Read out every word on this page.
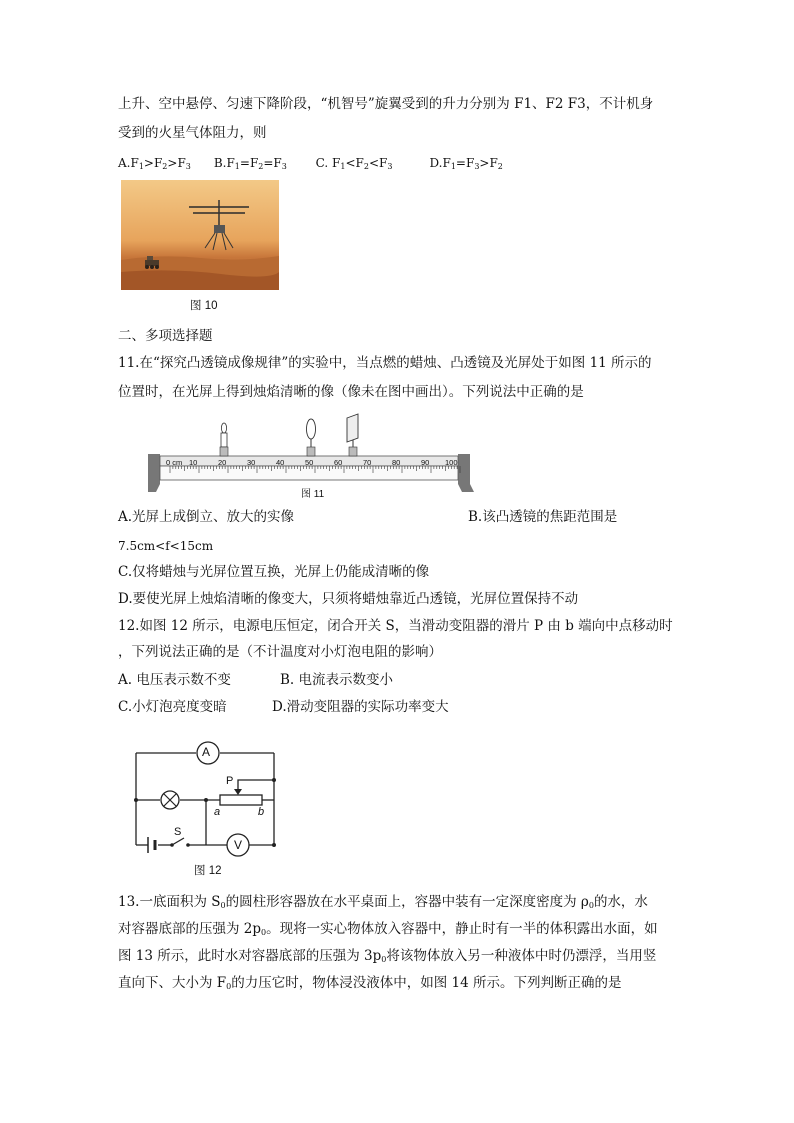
上升、空中悬停、匀速下降阶段，“机智号”旋翼受到的升力分别为 F1、F2 F3，不计机身
受到的火星气体阻力，则
$A.F_1>F_2>F_3$ $B.F_1=F_2=F_3$ C. $F_1<F_2<F_3$	$D.F_1=F_3>F_2$
图 10
二、多项选择题
11.在“探究凸透镜成像规律”的实验中，当点燃的蜡烛、凸透镜及光屏处于如图 11 所示的
位置时，在光屏上得到烛焰清晰的像（像未在图中画出）。下列说法中正确的是
0 cm 10	20	30	40	50	60	70	80	90 100
图 11
A.光屏上成倒立、放大的实像	B.该凸透镜的焦距范围是
7.5cm<f<15cm
C.仅将蜡烛与光屏位置互换，光屏上仍能成清晰的像
D.要使光屏上烛焰清晰的像变大，只须将蜡烛靠近凸透镜，光屏位置保持不动
12.如图 12 所示，电源电压恒定，闭合开关 S，当滑动变阻器的滑片 P 由 b 端向中点移动时
，下列说法正确的是（不计温度对小灯泡电阻的影响）
A. 电压表示数不变	B. 电流表示数变小
C.小灯泡亮度变暗	D.滑动变阻器的实际功率变大
A
V
P
a	b
S
图 12
13.一底面积为 $S_0$的圆柱形容器放在水平桌面上，容器中装有一定深度密度为 $\rho_0$的水，水
对容器底部的压强为 $2p_0$。现将一实心物体放入容器中，静止时有一半的体积露出水面，如
图 13 所示，此时水对容器底部的压强为 $3p_0$将该物体放入另一种液体中时仍漂浮，当用竖
直向下、大小为 $F_0$的力压它时，物体浸没液体中，如图 14 所示。下列判断正确的是
